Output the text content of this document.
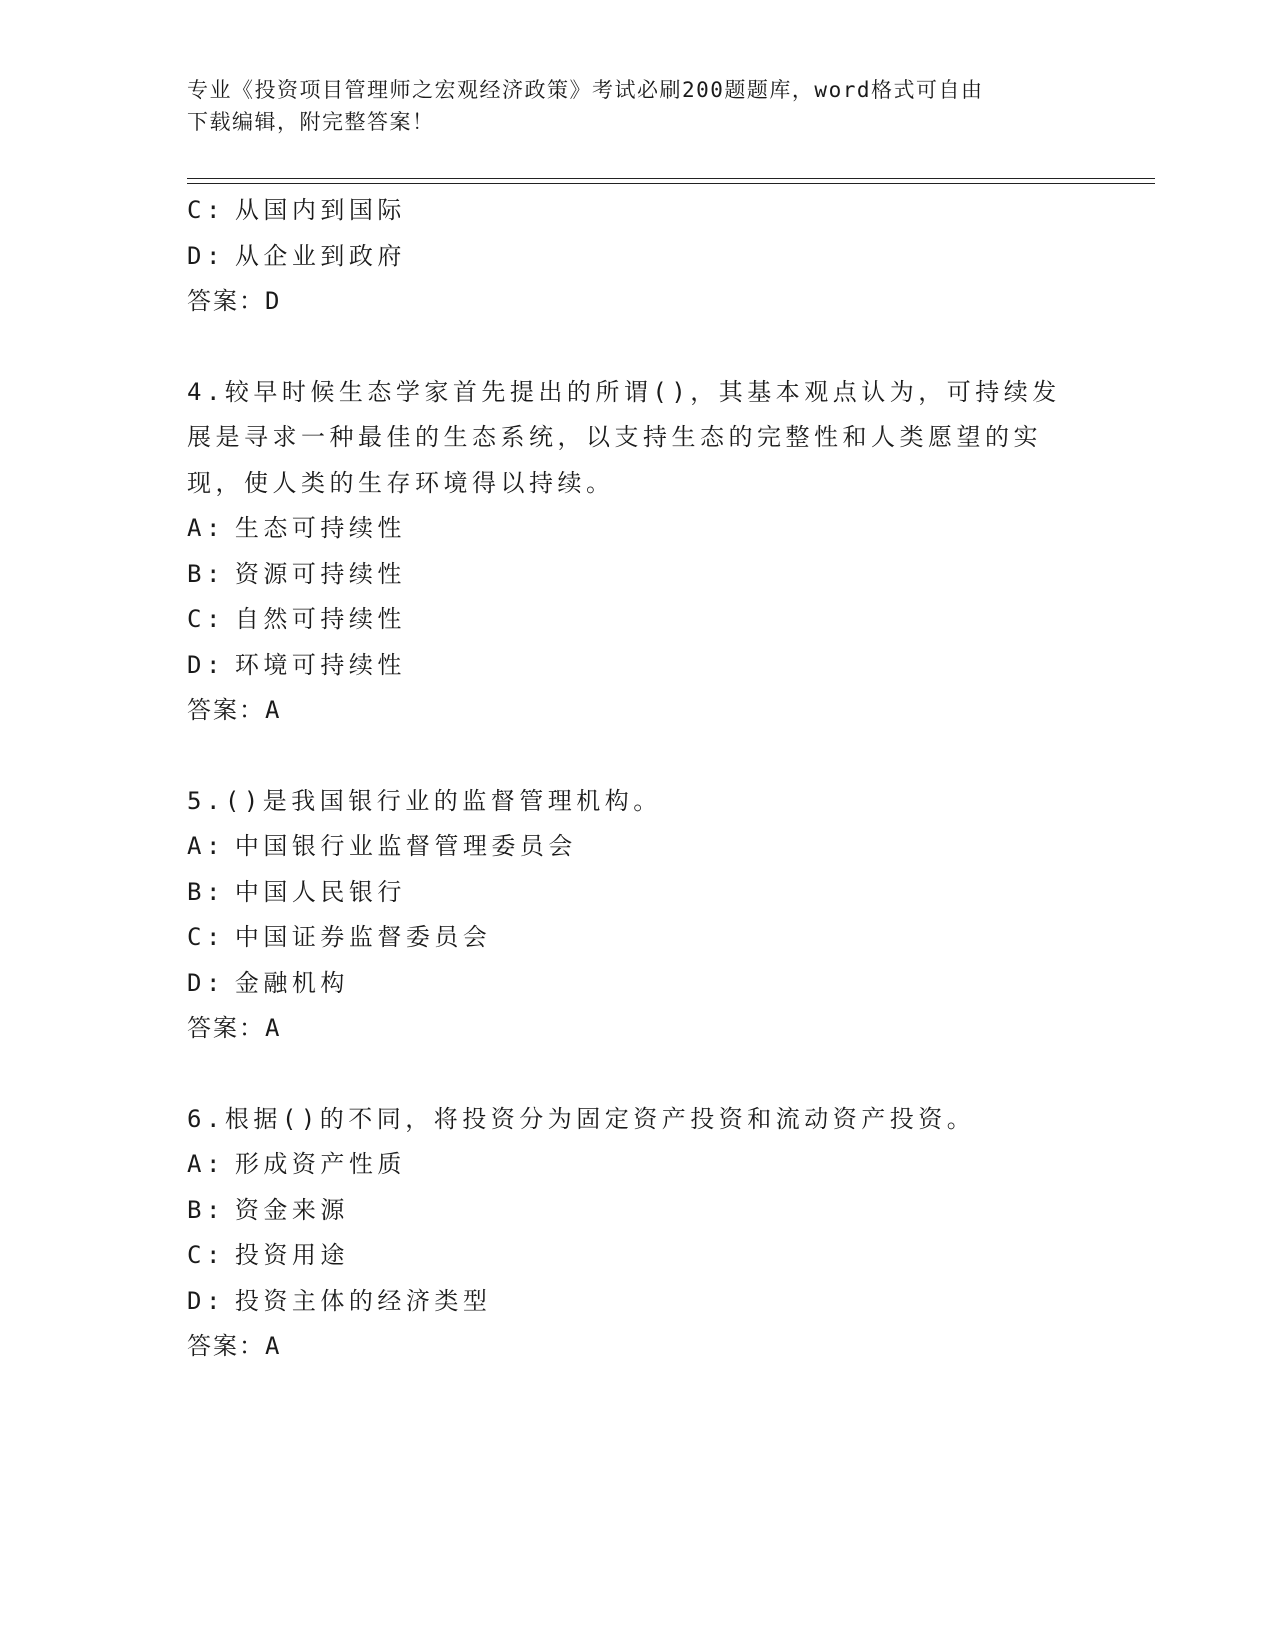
专业《投资项目管理师之宏观经济政策》考试必刷200题题库，word格式可自由
下载编辑，附完整答案！
C: 从国内到国际
D: 从企业到政府
答案：D
4.较早时候生态学家首先提出的所谓()，其基本观点认为，可持续发
展是寻求一种最佳的生态系统，以支持生态的完整性和人类愿望的实
现，使人类的生存环境得以持续。
A: 生态可持续性
B: 资源可持续性
C: 自然可持续性
D: 环境可持续性
答案：A
5.()是我国银行业的监督管理机构。
A: 中国银行业监督管理委员会
B: 中国人民银行
C: 中国证券监督委员会
D: 金融机构
答案：A
6.根据()的不同，将投资分为固定资产投资和流动资产投资。
A: 形成资产性质
B: 资金来源
C: 投资用途
D: 投资主体的经济类型
答案：A
